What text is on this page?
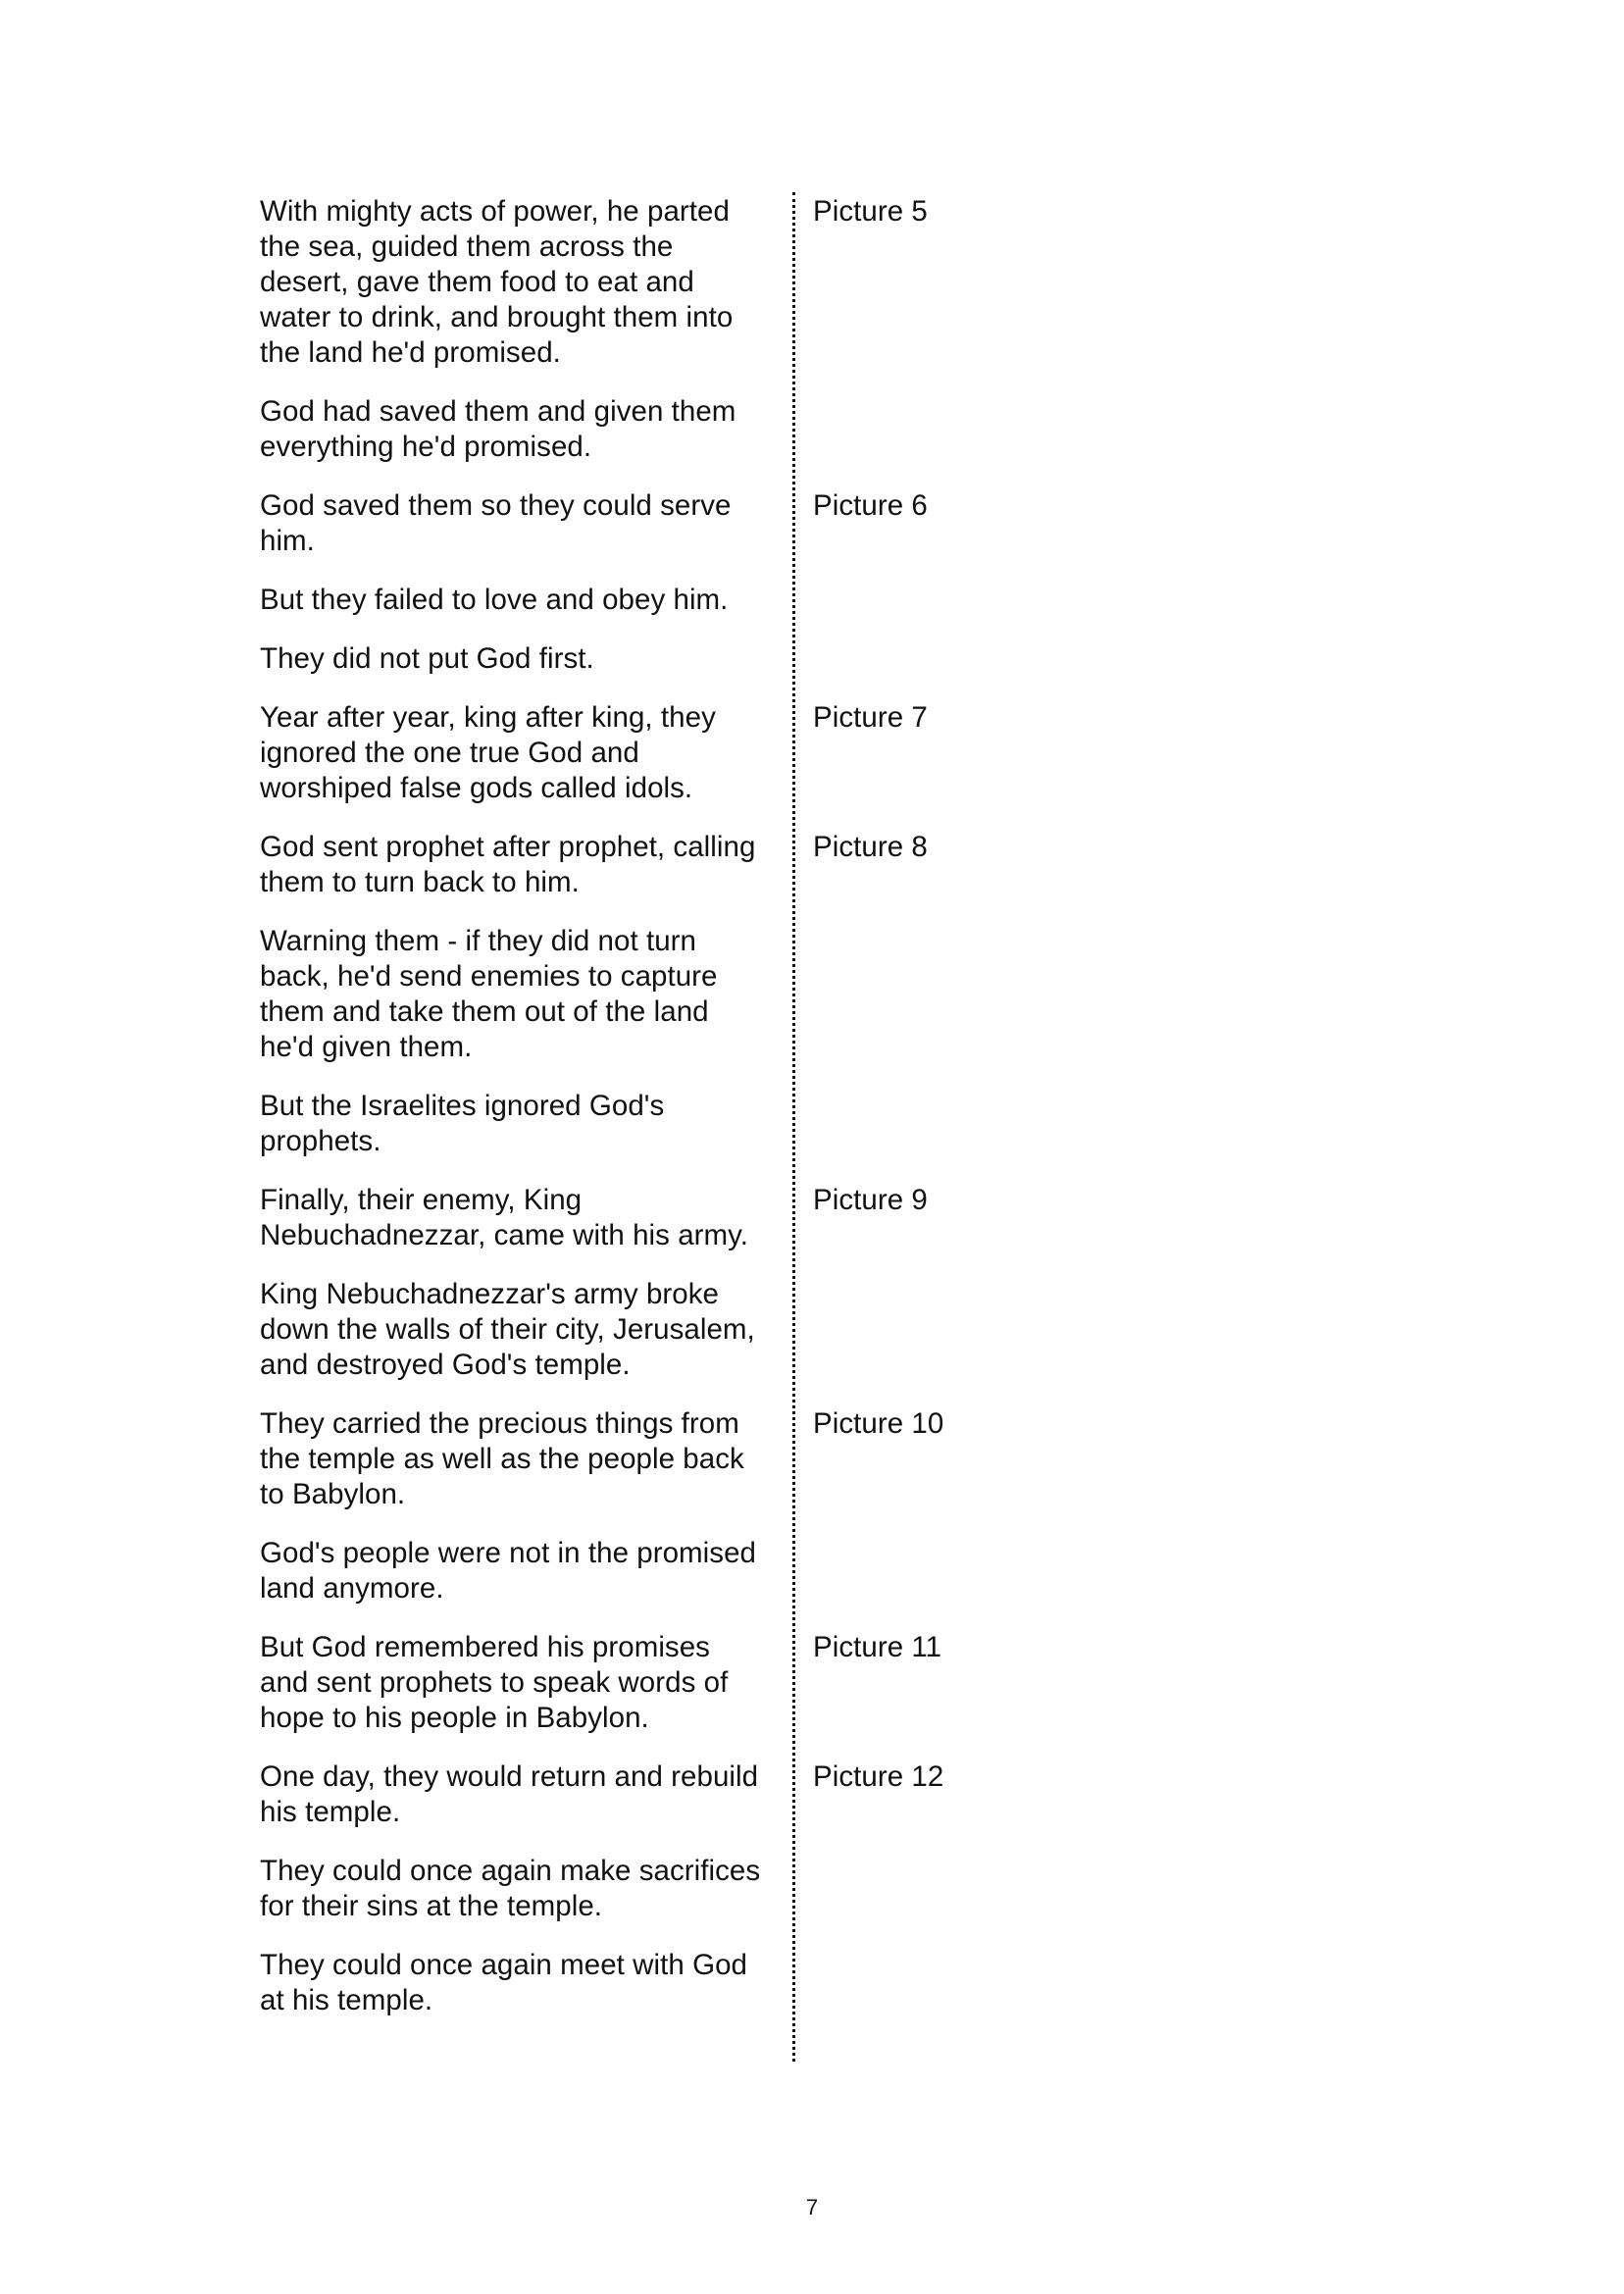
With mighty acts of power, he parted the sea, guided them across the desert, gave them food to eat and water to drink, and brought them into the land he'd promised.

Picture 5

God had saved them and given them everything he'd promised.

God saved them so they could serve him.

Picture 6

But they failed to love and obey him.

They did not put God first.

Year after year, king after king, they ignored the one true God and worshiped false gods called idols.

Picture 7

God sent prophet after prophet, calling them to turn back to him.

Picture 8

Warning them - if they did not turn back, he'd send enemies to capture them and take them out of the land he'd given them.

But the Israelites ignored God's prophets.

Finally, their enemy, King Nebuchadnezzar, came with his army.

Picture 9

King Nebuchadnezzar's army broke down the walls of their city, Jerusalem, and destroyed God's temple.

They carried the precious things from the temple as well as the people back to Babylon.

Picture 10

God's people were not in the promised land anymore.

But God remembered his promises and sent prophets to speak words of hope to his people in Babylon.

Picture 11

One day, they would return and rebuild his temple.

Picture 12

They could once again make sacrifices for their sins at the temple.

They could once again meet with God at his temple.

7
